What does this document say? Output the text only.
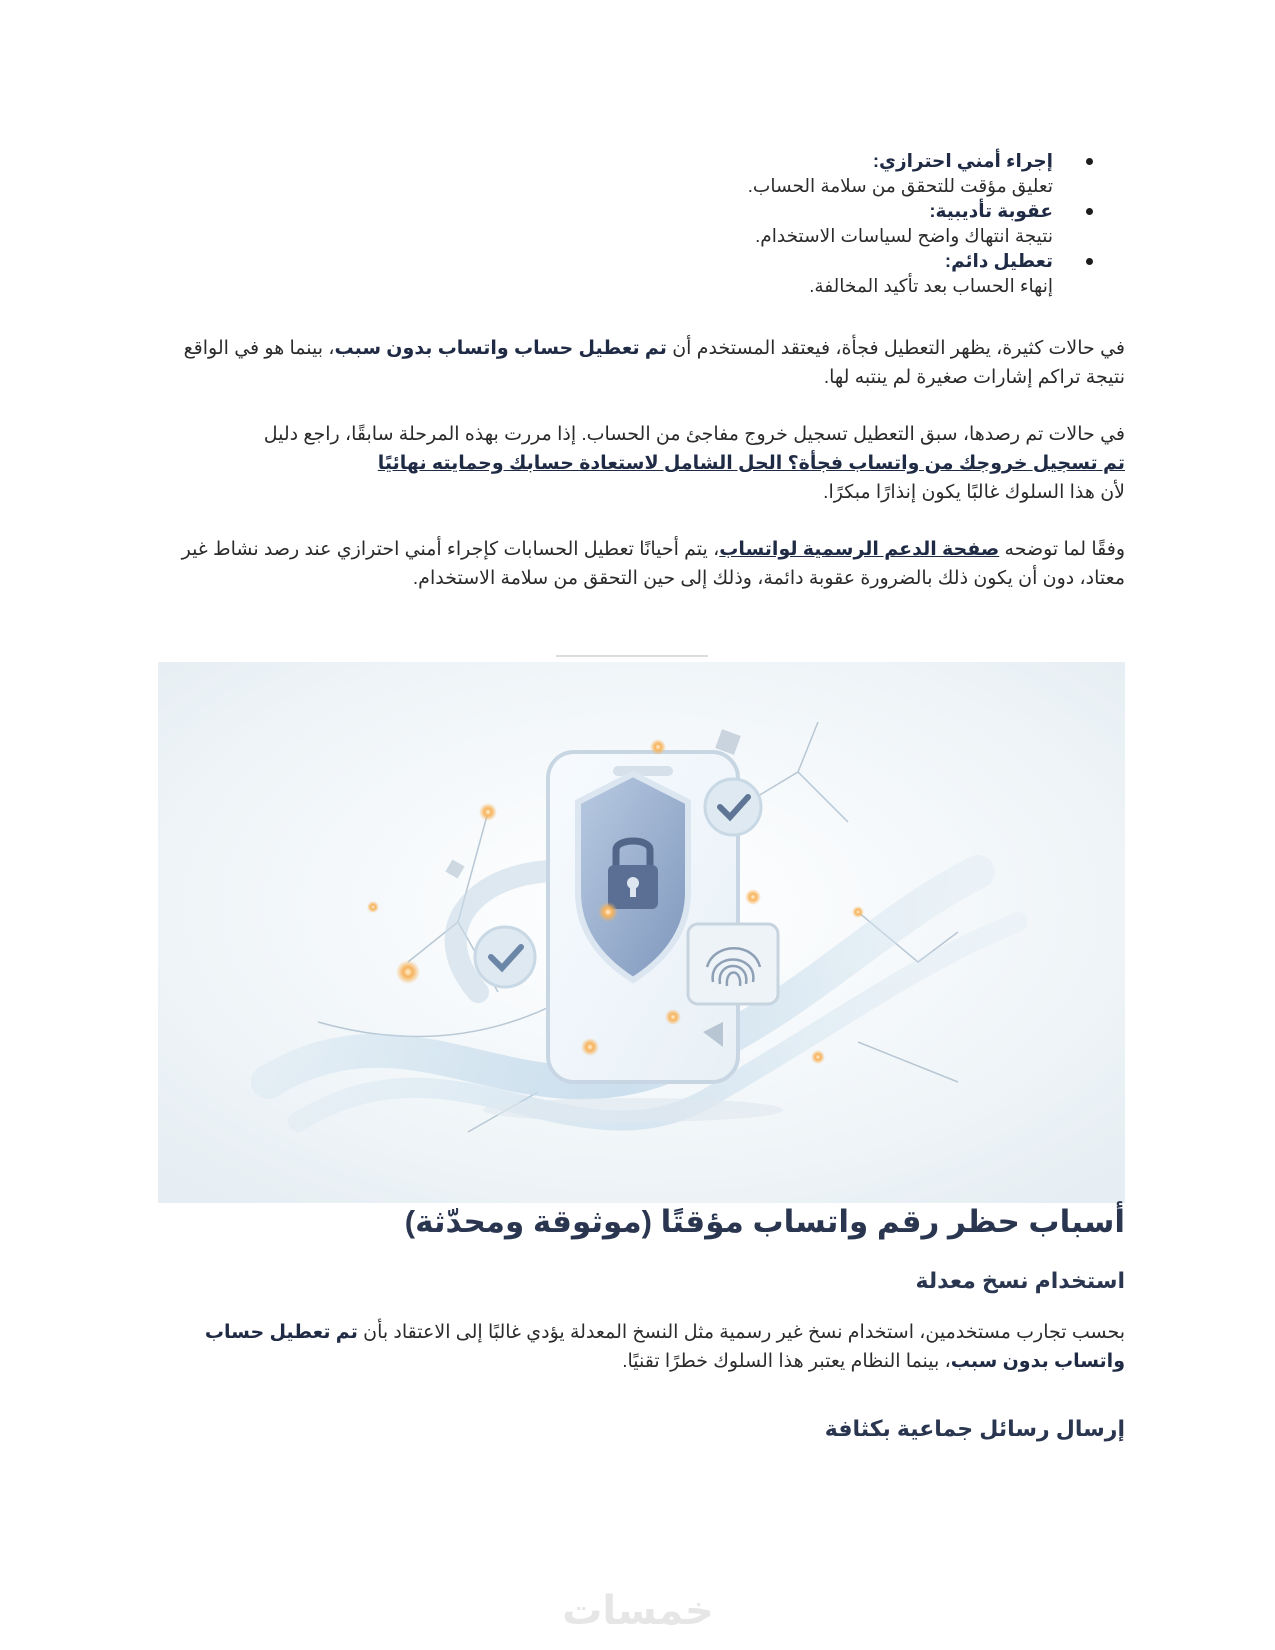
إجراء أمني احترازي:
تعليق مؤقت للتحقق من سلامة الحساب.
عقوبة تأديبية:
نتيجة انتهاك واضح لسياسات الاستخدام.
تعطيل دائم:
إنهاء الحساب بعد تأكيد المخالفة.

في حالات كثيرة، يظهر التعطيل فجأة، فيعتقد المستخدم أن تم تعطيل حساب واتساب بدون سبب، بينما هو في الواقع نتيجة تراكم إشارات صغيرة لم ينتبه لها.

في حالات تم رصدها، سبق التعطيل تسجيل خروج مفاجئ من الحساب. إذا مررت بهذه المرحلة سابقًا، راجع دليل
تم تسجيل خروجك من واتساب فجأة؟ الحل الشامل لاستعادة حسابك وحمايته نهائيًا
لأن هذا السلوك غالبًا يكون إنذارًا مبكرًا.

وفقًا لما توضحه صفحة الدعم الرسمية لواتساب، يتم أحيانًا تعطيل الحسابات كإجراء أمني احترازي عند رصد نشاط غير معتاد، دون أن يكون ذلك بالضرورة عقوبة دائمة، وذلك إلى حين التحقق من سلامة الاستخدام.

أسباب حظر رقم واتساب مؤقتًا (موثوقة ومحدّثة)
استخدام نسخ معدلة

بحسب تجارب مستخدمين، استخدام نسخ غير رسمية مثل النسخ المعدلة يؤدي غالبًا إلى الاعتقاد بأن تم تعطيل حساب واتساب بدون سبب، بينما النظام يعتبر هذا السلوك خطرًا تقنيًا.

إرسال رسائل جماعية بكثافة
خمسات
